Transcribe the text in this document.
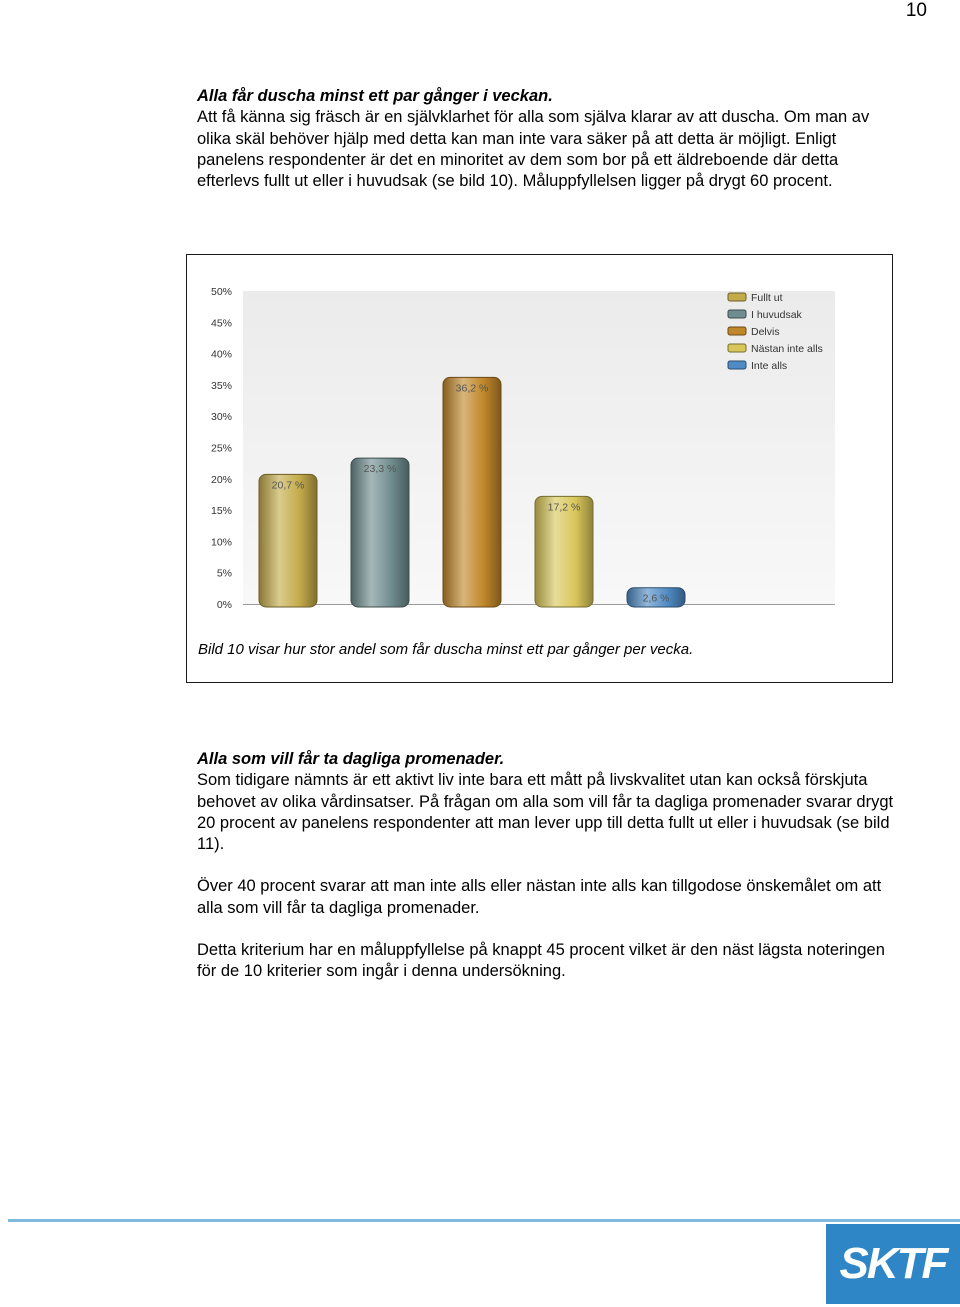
10

Alla får duscha minst ett par gånger i veckan.

Att få känna sig fräsch är en självklarhet för alla som själva klarar av att duscha. Om man av olika skäl behöver hjälp med detta kan man inte vara säker på att detta är möjligt. Enligt panelens respondenter är det en minoritet av dem som bor på ett äldreboende där detta efterlevs fullt ut eller i huvudsak (se bild 10). Måluppfyllelsen ligger på drygt 60 procent.

0%
5%
10%
15%
20%
25%
30%
35%
40%
45%
50%
20,7 %
23,3 %
36,2 %
17,2 %
2,6 %
Fullt ut
I huvudsak
Delvis
Nästan inte alls
Inte alls
Bild 10 visar hur stor andel som får duscha minst ett par gånger per vecka.

Alla som vill får ta dagliga promenader.

Som tidigare nämnts är ett aktivt liv inte bara ett mått på livskvalitet utan kan också förskjuta behovet av olika vårdinsatser. På frågan om alla som vill får ta dagliga promenader svarar drygt 20 procent av panelens respondenter att man lever upp till detta fullt ut eller i huvudsak (se bild 11).

Över 40 procent svarar att man inte alls eller nästan inte alls kan tillgodose önskemålet om att alla som vill får ta dagliga promenader.

Detta kriterium har en måluppfyllelse på knappt 45 procent vilket är den näst lägsta noteringen för de 10 kriterier som ingår i denna undersökning.

SKTF
